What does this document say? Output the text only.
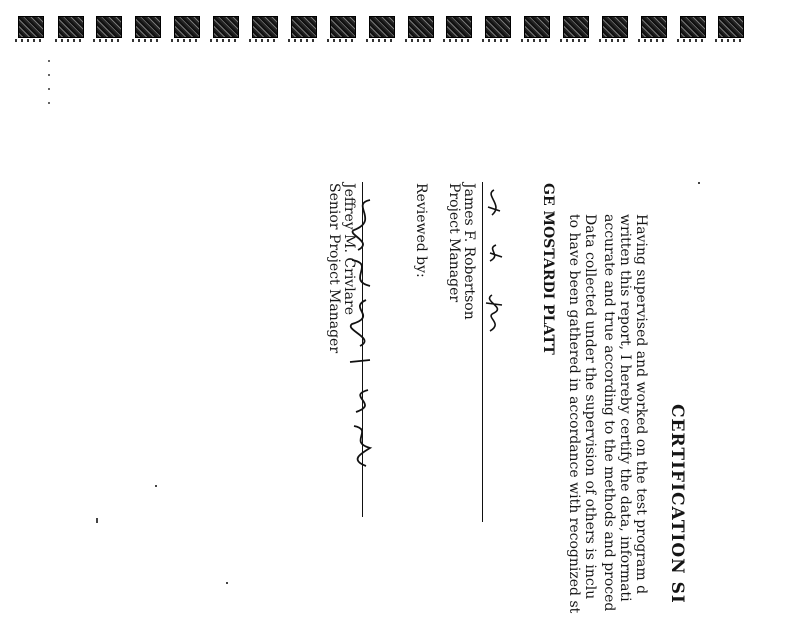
CERTIFICATION SI
Having supervised and worked on the test program d
written this report, I hereby certify the data, informati
accurate and true according to the methods and proced
Data collected under the supervision of others is inclu
to have been gathered in accordance with recognized st
GE MOSTARDI PLATT
James F. Robertson
Project Manager
Reviewed by:
Jeffrey M. Crivlare
Senior Project Manager
